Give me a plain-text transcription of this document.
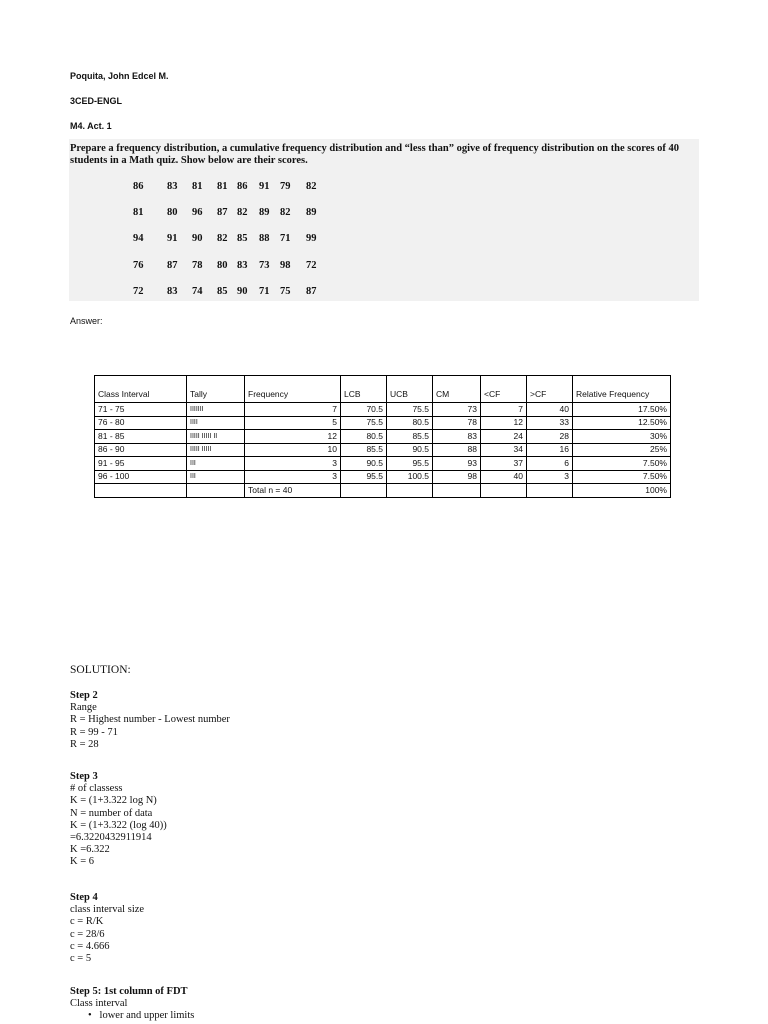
Poquita, John Edcel M.
3CED-ENGL
M4. Act. 1
Prepare a frequency distribution, a cumulative frequency distribution and “less than” ogive of frequency distribution on the scores of 40 students in a Math quiz. Show below are their scores.
86	83	81	81 86	91	79	82
81	80	96	87 82	89	82	89
94	91	90	82 85	88	71	99
76	87	78	80 83	73	98	72
72	83	74	85 90	71	75	87
Answer:
Class Interval	Tally	Frequency	LCB	UCB	CM	<CF	>CF	Relative Frequency
71 - 75	IIIIIII	7	70.5	75.5	73	7	40	17.50%
76 - 80	IIII	5	75.5	80.5	78	12	33	12.50%
81 - 85	IIIII IIIII II	12	80.5	85.5	83	24	28	30%
86 - 90	IIIII IIIII	10	85.5	90.5	88	34	16	25%
91 - 95	III	3	90.5	95.5	93	37	6	7.50%
96 - 100	III	3	95.5	100.5	98	40	3	7.50%
		Total n = 40						100%
SOLUTION:
Step 2
Range
R = Highest number - Lowest number
R = 99 - 71
R = 28
Step 3
# of classess
K = (1+3.322 log N)
N = number of data
K = (1+3.322 (log 40))
=6.3220432911914
K =6.322
K = 6
Step 4
class interval size
c = R/K
c = 28/6
c = 4.666
c = 5
Step 5: 1st column of FDT
Class interval
•   lower and upper limits
